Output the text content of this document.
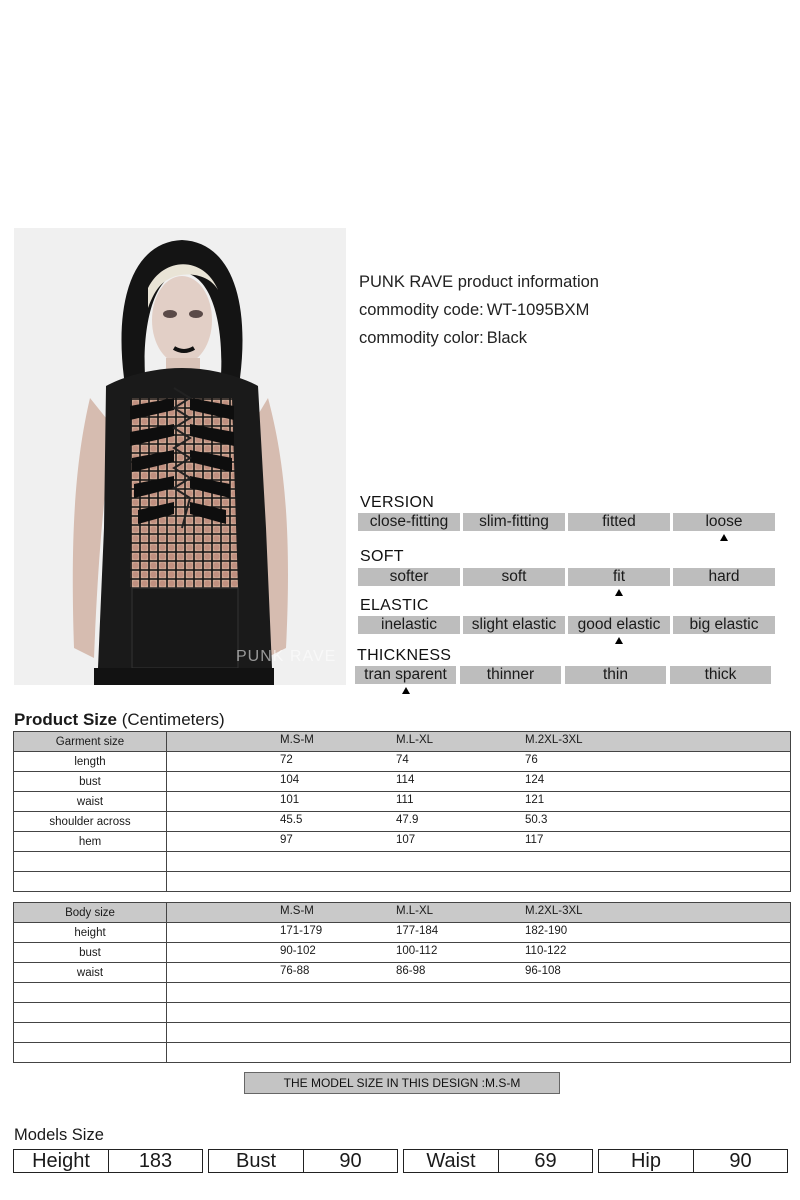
PUNK RAVE
PUNK RAVE product information
commodity code: WT-1095BXM
commodity color: Black
VERSION
close-fitting	slim-fitting	fitted	loose
SOFT
softer	soft	fit	hard
ELASTIC
inelastic	slight elastic	good elastic	big elastic
THICKNESS
tran sparent	thinner	thin	thick
Product Size (Centimeters)
Garment size	M.S-M M.L-XL M.2XL-3XL

length	72 74 76

bust	104 114 124

waist	101 111 121

shoulder across	45.5 47.9 50.3

hem	97 107 117

Body size	M.S-M M.L-XL M.2XL-3XL

height	171-179 177-184 182-190

bust	90-102 100-112 110-122

waist	76-88 86-98 96-108

THE MODEL SIZE IN THIS DESIGN :M.S-M
Models Size
Height	183	Bust	90	Waist	69	Hip	90
